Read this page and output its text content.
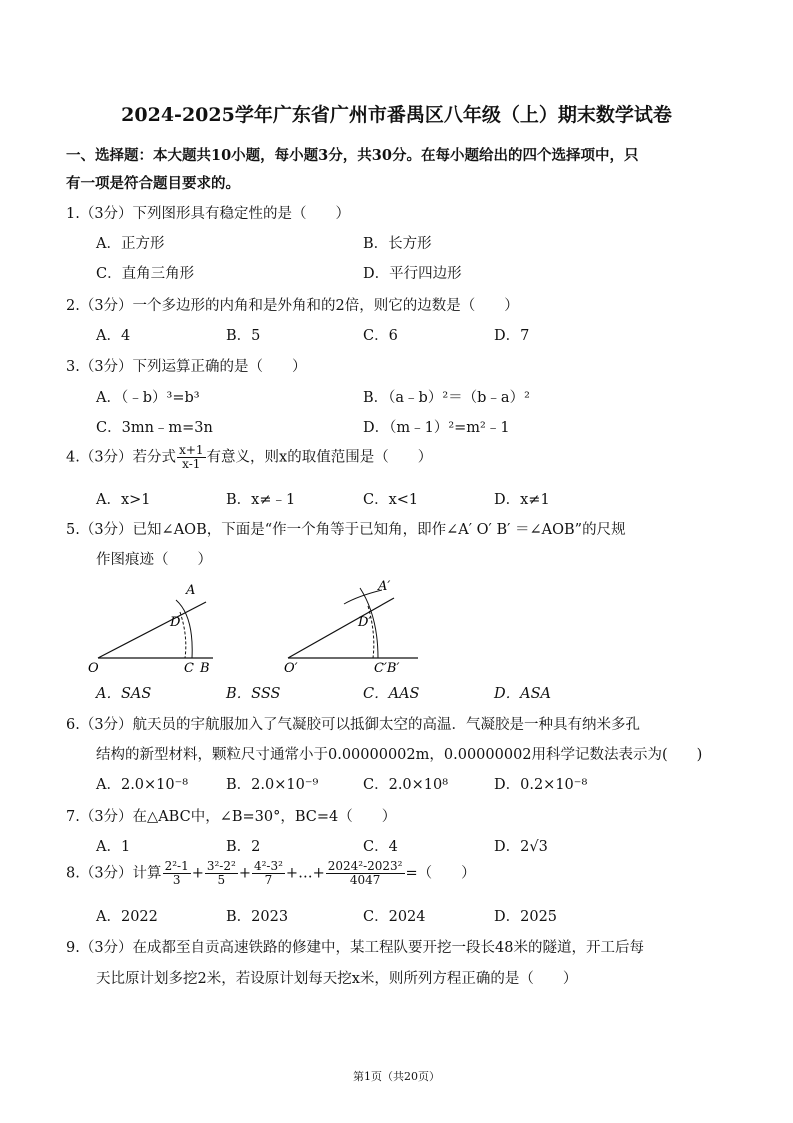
2024-2025学年广东省广州市番禺区八年级（上）期末数学试卷
一、选择题：本大题共10小题，每小题3分，共30分。在每小题给出的四个选择项中，只
有一项是符合题目要求的。
1.（3分）下列图形具有稳定性的是（　　）
A．正方形	B．长方形
C．直角三角形	D．平行四边形
2.（3分）一个多边形的内角和是外角和的2倍，则它的边数是（　　）
A．4	B．5	C．6	D．7
3.（3分）下列运算正确的是（　　）
A．（﹣b）³=b³	B．（a﹣b）²＝（b﹣a）²
C．3mn﹣m=3n	D．（m﹣1）²=m²﹣1
4.（3分）若分式 $\frac{x+1}{x-1}$ 有意义，则x的取值范围是（　　）
A．x>1	B．x≠﹣1	C．x<1	D．x≠1
5.（3分）已知∠AOB，下面是“作一个角等于已知角，即作∠A′ O′ B′ ＝∠AOB”的尺规
作图痕迹（　　）
O	C B
D
A
O′	C′B′
D′
A′
A．SAS	B．SSS	C．AAS	D．ASA
6.（3分）航天员的宇航服加入了气凝胶可以抵御太空的高温．气凝胶是一种具有纳米多孔
结构的新型材料，颗粒尺寸通常小于0.00000002m，0.00000002用科学记数法表示为(　　)
A．2.0×10⁻⁸	B．2.0×10⁻⁹	C．2.0×10⁸	D．0.2×10⁻⁸
7.（3分）在△ABC中，∠B=30°，BC=4（　　）
A．1	B．2	C．4	D．2√3
8.（3分）计算 $\frac{\text{2²-1}}{3} + \frac{\text{3²-2²}}{5} + \frac{\text{4²-3²}}{7}$ +…+ $\frac{\text{2024²-2023²}}{4047}$ =（　　）
A．2022	B．2023	C．2024	D．2025
9.（3分）在成都至自贡高速铁路的修建中，某工程队要开挖一段长48米的隧道，开工后每
天比原计划多挖2米，若设原计划每天挖x米，则所列方程正确的是（　　）
第1页（共20页）
